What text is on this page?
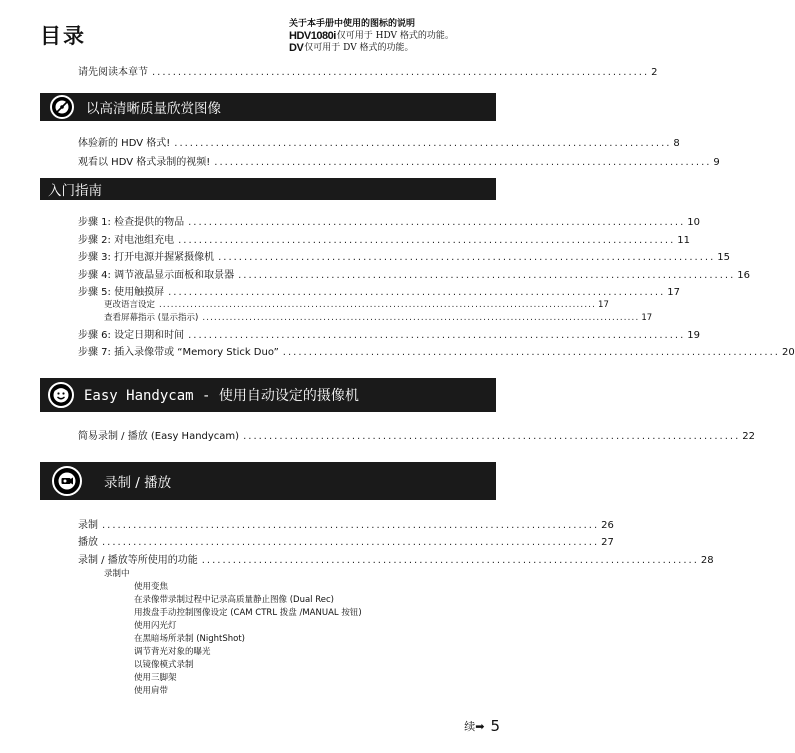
目录	关于本手册中使用的图标的说明
HDV1080i 仅可用于 HDV 格式的功能。
DV 仅可用于 DV 格式的功能。
请先阅读本章节 ................................................................................................ 2
以高清晰质量欣赏图像
体验新的 HDV 格式! ................................................................................................ 8
观看以 HDV 格式录制的视频! ................................................................................................ 9
入门指南
步骤 1: 检查提供的物品 ................................................................................................ 10
步骤 2: 对电池组充电 ................................................................................................ 11
步骤 3: 打开电源并握紧摄像机 ................................................................................................ 15
步骤 4: 调节液晶显示面板和取景器 ................................................................................................ 16
步骤 5: 使用触摸屏 ................................................................................................ 17
更改语言设定 ................................................................................................................ 17
查看屏幕指示 (显示指示) ................................................................................................................ 17
步骤 6: 设定日期和时间 ................................................................................................ 19
步骤 7: 插入录像带或 “Memory Stick Duo” ................................................................................................ 20
Easy Handycam - 使用自动设定的摄像机
简易录制 / 播放 (Easy Handycam) ................................................................................................ 22
录制 / 播放
录制 ................................................................................................ 26
播放 ................................................................................................ 27
录制 / 播放等所使用的功能 ................................................................................................ 28
录制中
使用变焦
在录像带录制过程中记录高质量静止图像 (Dual Rec)
用拨盘手动控制图像设定 (CAM CTRL 拨盘 /MANUAL 按钮)
使用闪光灯
在黑暗场所录制 (NightShot)
调节背光对象的曝光
以镜像模式录制
使用三脚架
使用肩带
续 ➡ 5
